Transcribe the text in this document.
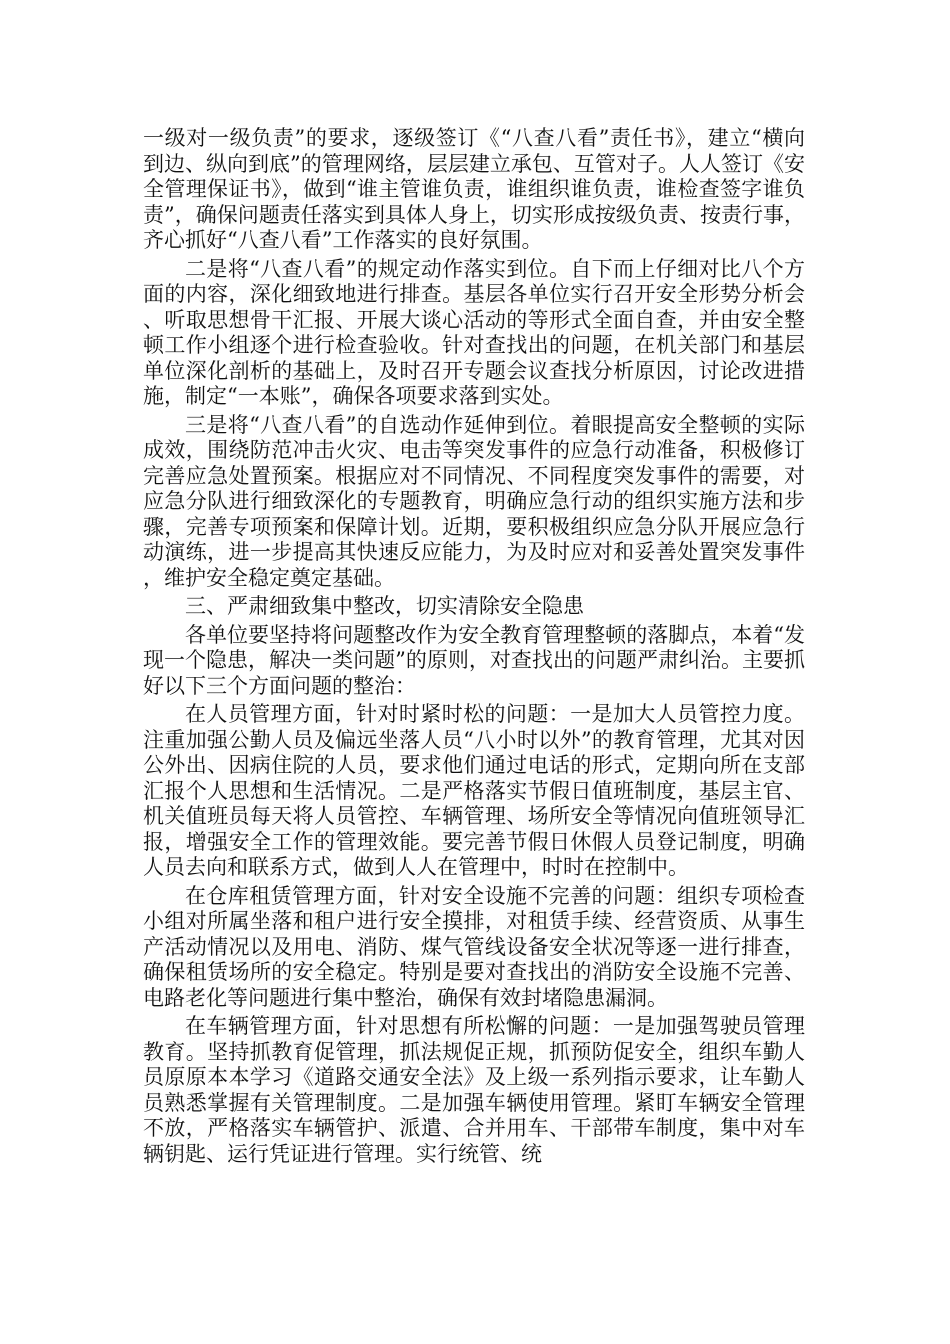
一级对一级负责”的要求，逐级签订《“八查八看”责任书》，建立“横向到边、纵向到底”的管理网络，层层建立承包、互管对子。人人签订《安全管理保证书》，做到“谁主管谁负责，谁组织谁负责，谁检查签字谁负责”，确保问题责任落实到具体人身上，切实形成按级负责、按责行事，齐心抓好“八查八看”工作落实的良好氛围。

二是将“八查八看”的规定动作落实到位。自下而上仔细对比八个方面的内容，深化细致地进行排查。基层各单位实行召开安全形势分析会、听取思想骨干汇报、开展大谈心活动的等形式全面自查，并由安全整顿工作小组逐个进行检查验收。针对查找出的问题，在机关部门和基层单位深化剖析的基础上，及时召开专题会议查找分析原因，讨论改进措施，制定“一本账”，确保各项要求落到实处。

三是将“八查八看”的自选动作延伸到位。着眼提高安全整顿的实际成效，围绕防范冲击火灾、电击等突发事件的应急行动准备，积极修订完善应急处置预案。根据应对不同情况、不同程度突发事件的需要，对应急分队进行细致深化的专题教育，明确应急行动的组织实施方法和步骤，完善专项预案和保障计划。近期，要积极组织应急分队开展应急行动演练，进一步提高其快速反应能力，为及时应对和妥善处置突发事件，维护安全稳定奠定基础。

三、严肃细致集中整改，切实清除安全隐患

各单位要坚持将问题整改作为安全教育管理整顿的落脚点，本着“发现一个隐患，解决一类问题”的原则，对查找出的问题严肃纠治。主要抓好以下三个方面问题的整治：

在人员管理方面，针对时紧时松的问题：一是加大人员管控力度。注重加强公勤人员及偏远坐落人员“八小时以外”的教育管理，尤其对因公外出、因病住院的人员，要求他们通过电话的形式，定期向所在支部汇报个人思想和生活情况。二是严格落实节假日值班制度，基层主官、机关值班员每天将人员管控、车辆管理、场所安全等情况向值班领导汇报，增强安全工作的管理效能。要完善节假日休假人员登记制度，明确人员去向和联系方式，做到人人在管理中，时时在控制中。

在仓库租赁管理方面，针对安全设施不完善的问题：组织专项检查小组对所属坐落和租户进行安全摸排，对租赁手续、经营资质、从事生产活动情况以及用电、消防、煤气管线设备安全状况等逐一进行排查，确保租赁场所的安全稳定。特别是要对查找出的消防安全设施不完善、电路老化等问题进行集中整治，确保有效封堵隐患漏洞。

在车辆管理方面，针对思想有所松懈的问题：一是加强驾驶员管理教育。坚持抓教育促管理，抓法规促正规，抓预防促安全，组织车勤人员原原本本学习《道路交通安全法》及上级一系列指示要求，让车勤人员熟悉掌握有关管理制度。二是加强车辆使用管理。紧盯车辆安全管理不放，严格落实车辆管护、派遣、合并用车、干部带车制度，集中对车辆钥匙、运行凭证进行管理。实行统管、统
